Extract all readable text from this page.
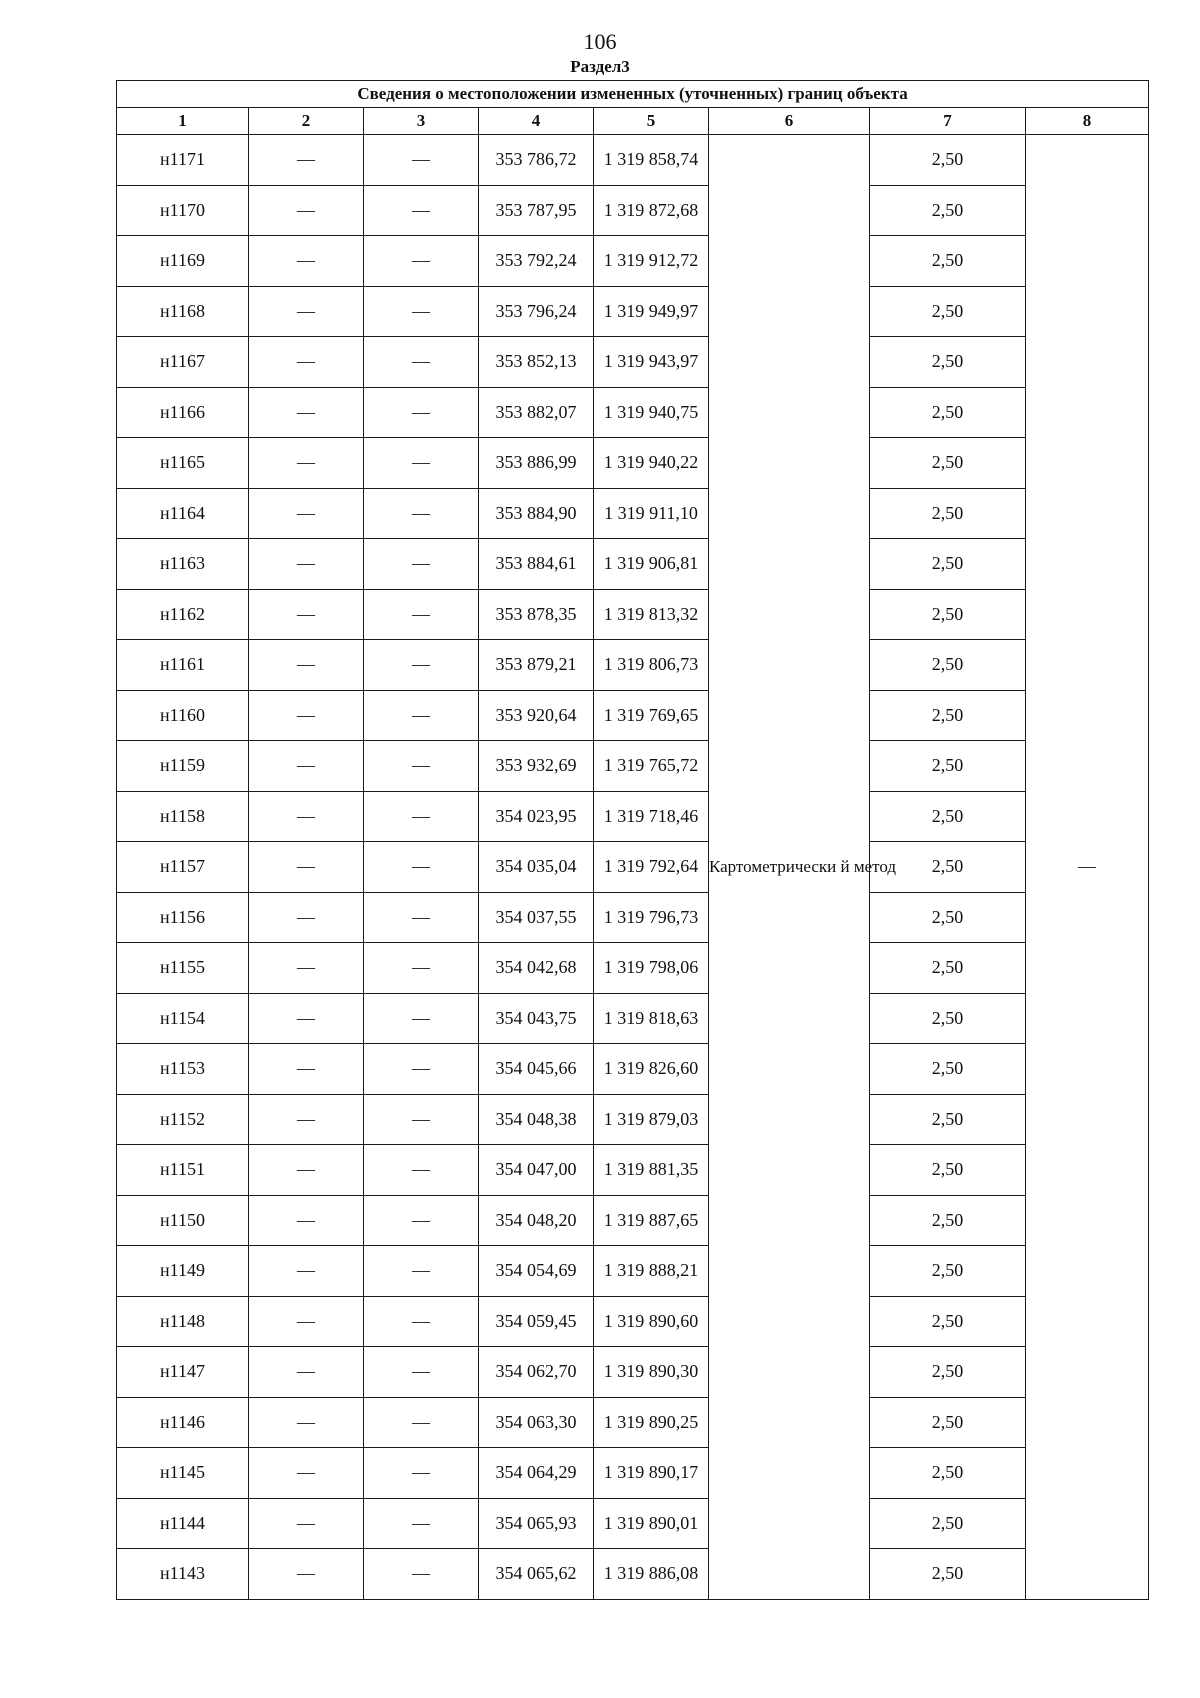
106
Раздел3
Сведения о местоположении измененных (уточненных) границ объекта							
1	2	3	4	5	6	7	8
н1171	—	—	353 786,72	1 319 858,74	Картометрически й метод	2,50	—
н1170	—	—	353 787,95	1 319 872,68		2,50	
н1169	—	—	353 792,24	1 319 912,72		2,50	
н1168	—	—	353 796,24	1 319 949,97		2,50	
н1167	—	—	353 852,13	1 319 943,97		2,50	
н1166	—	—	353 882,07	1 319 940,75		2,50	
н1165	—	—	353 886,99	1 319 940,22		2,50	
н1164	—	—	353 884,90	1 319 911,10		2,50	
н1163	—	—	353 884,61	1 319 906,81		2,50	
н1162	—	—	353 878,35	1 319 813,32		2,50	
н1161	—	—	353 879,21	1 319 806,73		2,50	
н1160	—	—	353 920,64	1 319 769,65		2,50	
н1159	—	—	353 932,69	1 319 765,72		2,50	
н1158	—	—	354 023,95	1 319 718,46		2,50	
н1157	—	—	354 035,04	1 319 792,64		2,50	
н1156	—	—	354 037,55	1 319 796,73		2,50	
н1155	—	—	354 042,68	1 319 798,06		2,50	
н1154	—	—	354 043,75	1 319 818,63		2,50	
н1153	—	—	354 045,66	1 319 826,60		2,50	
н1152	—	—	354 048,38	1 319 879,03		2,50	
н1151	—	—	354 047,00	1 319 881,35		2,50	
н1150	—	—	354 048,20	1 319 887,65		2,50	
н1149	—	—	354 054,69	1 319 888,21		2,50	
н1148	—	—	354 059,45	1 319 890,60		2,50	
н1147	—	—	354 062,70	1 319 890,30		2,50	
н1146	—	—	354 063,30	1 319 890,25		2,50	
н1145	—	—	354 064,29	1 319 890,17		2,50	
н1144	—	—	354 065,93	1 319 890,01		2,50	
н1143	—	—	354 065,62	1 319 886,08		2,50	
